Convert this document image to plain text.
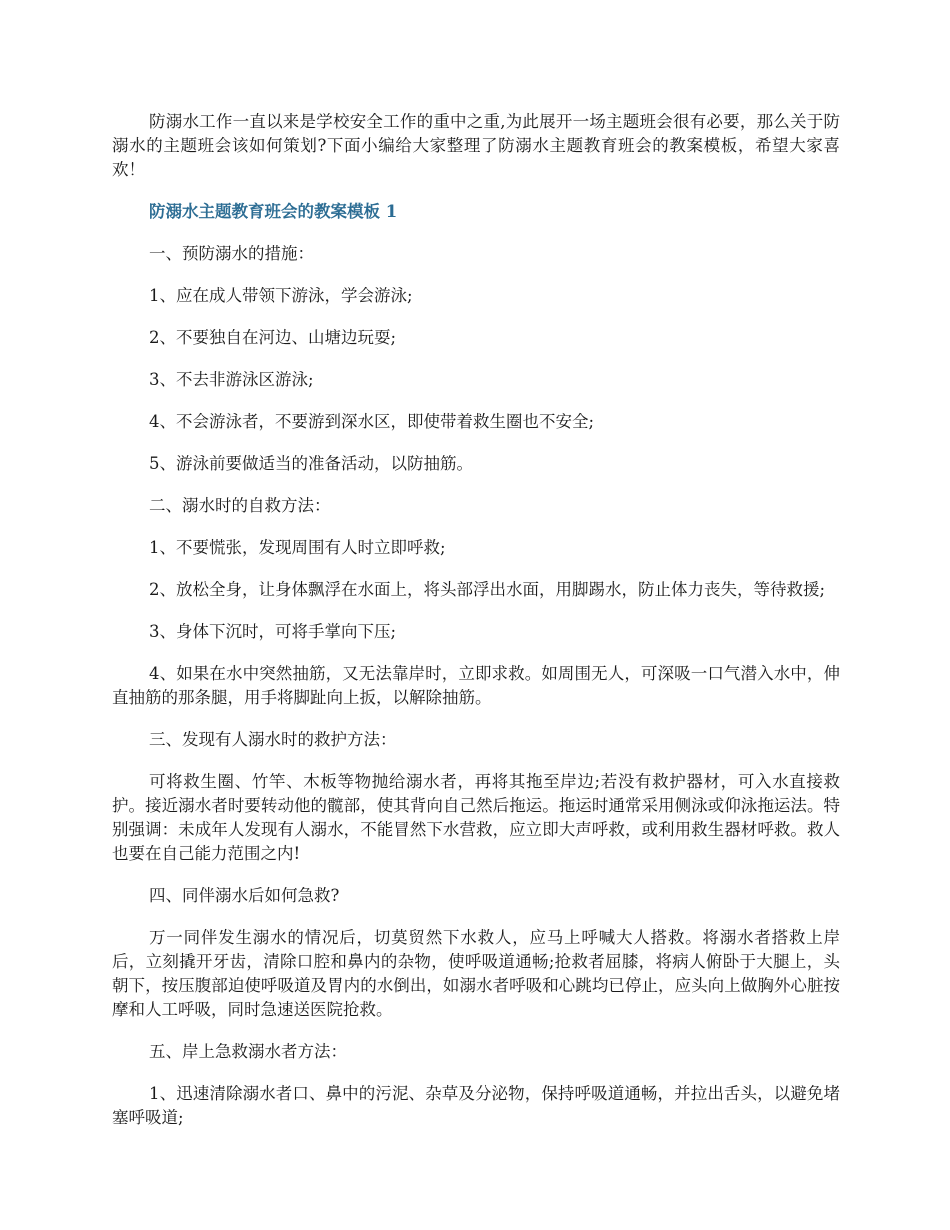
防溺水工作一直以来是学校安全工作的重中之重,为此展开一场主题班会很有必要，那么关于防溺水的主题班会该如何策划?下面小编给大家整理了防溺水主题教育班会的教案模板，希望大家喜欢！

防溺水主题教育班会的教案模板 1

一、预防溺水的措施：

1、应在成人带领下游泳，学会游泳;

2、不要独自在河边、山塘边玩耍;

3、不去非游泳区游泳;

4、不会游泳者，不要游到深水区，即使带着救生圈也不安全;

5、游泳前要做适当的准备活动，以防抽筋。

二、溺水时的自救方法：

1、不要慌张，发现周围有人时立即呼救;

2、放松全身，让身体飘浮在水面上，将头部浮出水面，用脚踢水，防止体力丧失，等待救援;

3、身体下沉时，可将手掌向下压;

4、如果在水中突然抽筋，又无法靠岸时，立即求救。如周围无人，可深吸一口气潜入水中，伸直抽筋的那条腿，用手将脚趾向上扳，以解除抽筋。

三、发现有人溺水时的救护方法：

可将救生圈、竹竿、木板等物抛给溺水者，再将其拖至岸边;若没有救护器材，可入水直接救护。接近溺水者时要转动他的髋部，使其背向自己然后拖运。拖运时通常采用侧泳或仰泳拖运法。特别强调：未成年人发现有人溺水，不能冒然下水营救，应立即大声呼救，或利用救生器材呼救。救人也要在自己能力范围之内!

四、同伴溺水后如何急救?

万一同伴发生溺水的情况后，切莫贸然下水救人，应马上呼喊大人搭救。将溺水者搭救上岸后，立刻撬开牙齿，清除口腔和鼻内的杂物，使呼吸道通畅;抢救者屈膝，将病人俯卧于大腿上，头朝下，按压腹部迫使呼吸道及胃内的水倒出，如溺水者呼吸和心跳均已停止，应头向上做胸外心脏按摩和人工呼吸，同时急速送医院抢救。

五、岸上急救溺水者方法：

1、迅速清除溺水者口、鼻中的污泥、杂草及分泌物，保持呼吸道通畅，并拉出舌头，以避免堵塞呼吸道;
